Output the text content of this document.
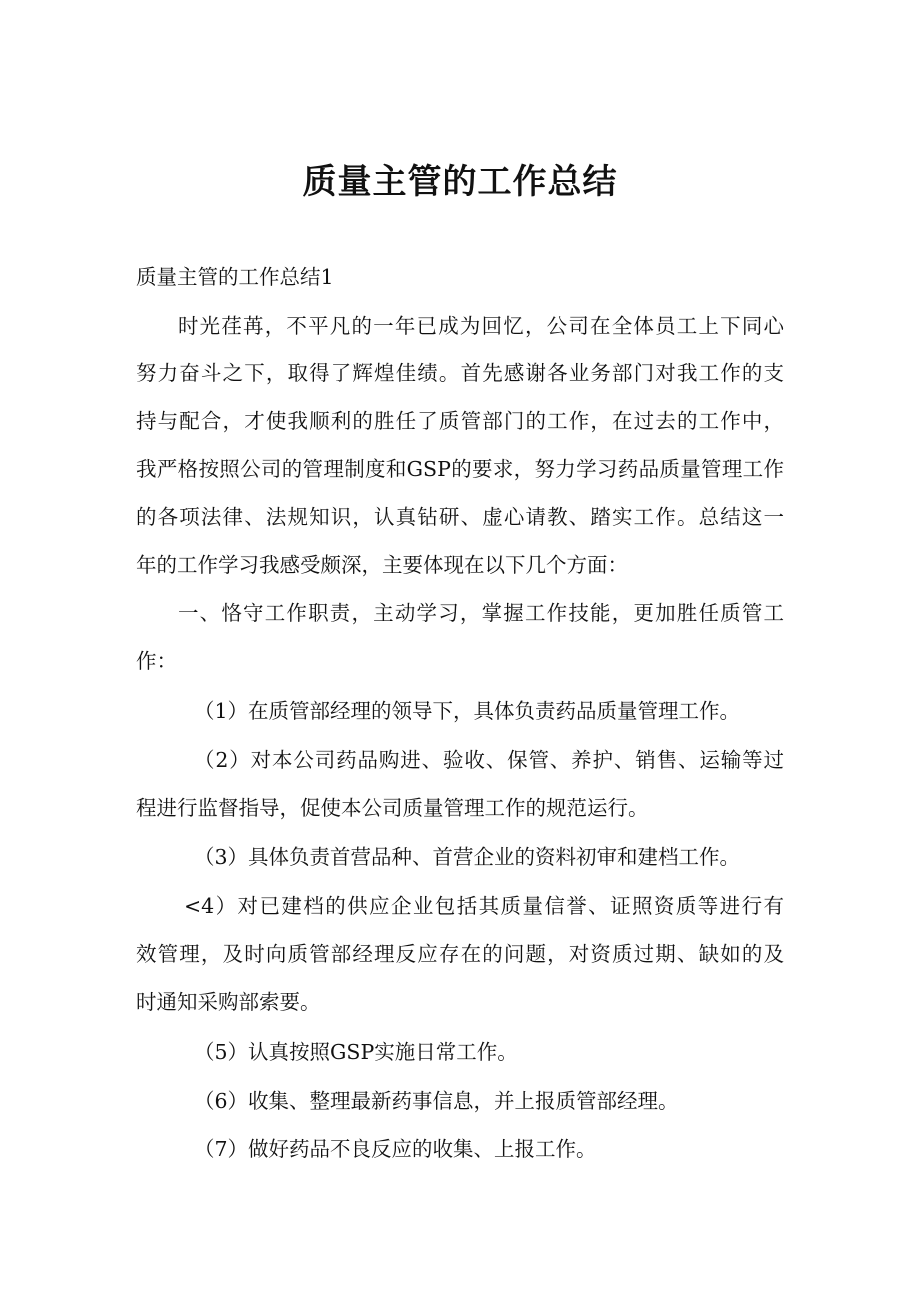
质量主管的工作总结

质量主管的工作总结1

时光荏苒，不平凡的一年已成为回忆，公司在全体员工上下同心

努力奋斗之下，取得了辉煌佳绩。首先感谢各业务部门对我工作的支

持与配合，才使我顺利的胜任了质管部门的工作，在过去的工作中，

我严格按照公司的管理制度和GSP的要求，努力学习药品质量管理工作

的各项法律、法规知识，认真钻研、虚心请教、踏实工作。总结这一

年的工作学习我感受颇深，主要体现在以下几个方面：

一、恪守工作职责，主动学习，掌握工作技能，更加胜任质管工

作：

（1）在质管部经理的领导下，具体负责药品质量管理工作。

（2）对本公司药品购进、验收、保管、养护、销售、运输等过

程进行监督指导，促使本公司质量管理工作的规范运行。

（3）具体负责首营品种、首营企业的资料初审和建档工作。

<4）对已建档的供应企业包括其质量信誉、证照资质等进行有

效管理，及时向质管部经理反应存在的问题，对资质过期、缺如的及

时通知采购部索要。

（5）认真按照GSP实施日常工作。

（6）收集、整理最新药事信息，并上报质管部经理。

（7）做好药品不良反应的收集、上报工作。
